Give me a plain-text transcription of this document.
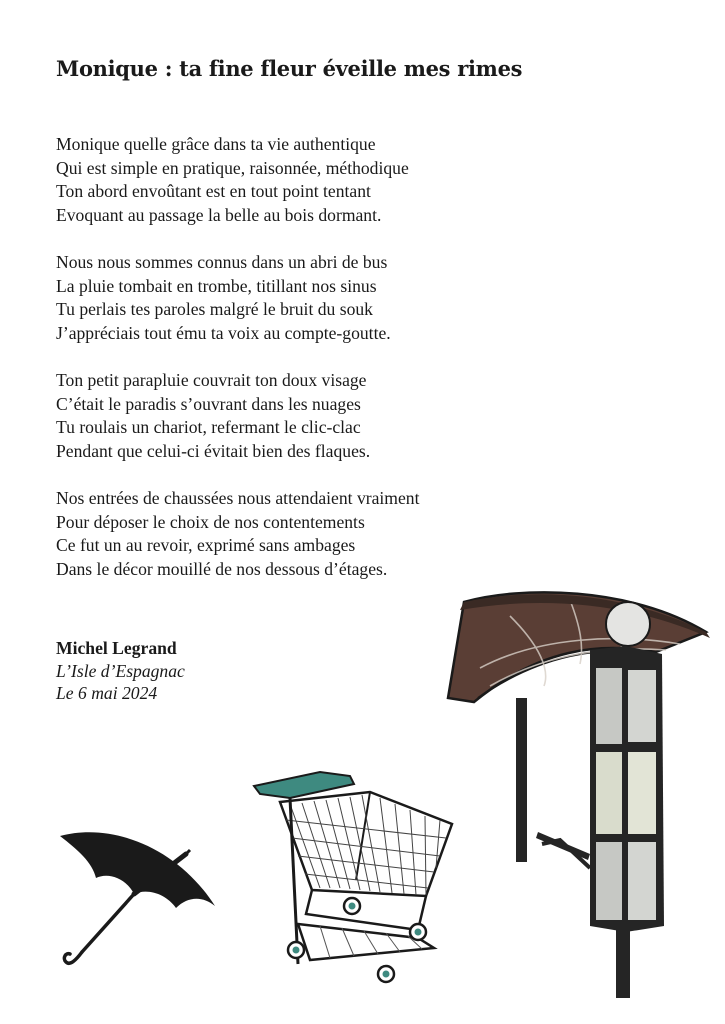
Monique : ta fine fleur éveille mes rimes
Monique quelle grâce dans ta vie authentique
Qui est simple en pratique, raisonnée, méthodique
Ton abord envoûtant est en tout point tentant
Evoquant au passage la belle au bois dormant.
Nous nous sommes connus dans un abri de bus
La pluie tombait en trombe, titillant nos sinus
Tu perlais tes paroles malgré le bruit du souk
J’appréciais tout ému ta voix au compte-goutte.
Ton petit parapluie couvrait ton doux visage
C’était le paradis s’ouvrant dans les nuages
Tu roulais un chariot, refermant le clic-clac
Pendant que celui-ci évitait bien des flaques.
Nos entrées de chaussées nous attendaient vraiment
Pour déposer le choix de nos contentements
Ce fut un au revoir, exprimé sans ambages
Dans le décor mouillé de nos dessous d’étages.
Michel Legrand
L’Isle d’Espagnac
Le 6 mai 2024
